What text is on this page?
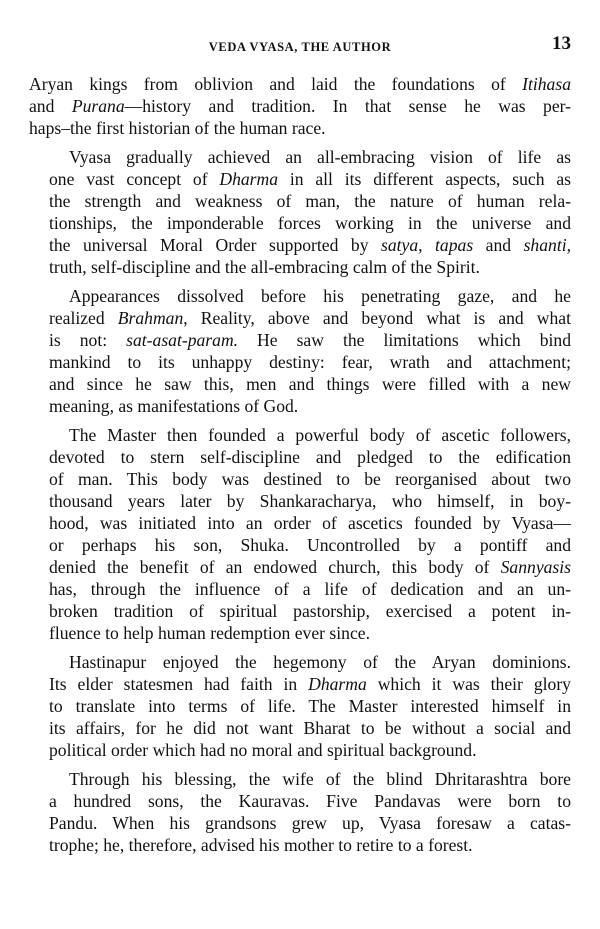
VEDA VYASA, THE AUTHOR	13
Aryan kings from oblivion and laid the foundations of Itihasa
and Purana—history and tradition. In that sense he was per-
haps–the first historian of the human race.
Vyasa gradually achieved an all-embracing vision of life as
one vast concept of Dharma in all its different aspects, such as
the strength and weakness of man, the nature of human rela-
tionships, the imponderable forces working in the universe and
the universal Moral Order supported by satya, tapas and shanti,
truth, self-discipline and the all-embracing calm of the Spirit.
Appearances dissolved before his penetrating gaze, and he
realized Brahman, Reality, above and beyond what is and what
is not: sat-asat-param. He saw the limitations which bind
mankind to its unhappy destiny: fear, wrath and attachment;
and since he saw this, men and things were filled with a new
meaning, as manifestations of God.
The Master then founded a powerful body of ascetic followers,
devoted to stern self-discipline and pledged to the edification
of man. This body was destined to be reorganised about two
thousand years later by Shankaracharya, who himself, in boy-
hood, was initiated into an order of ascetics founded by Vyasa—
or perhaps his son, Shuka. Uncontrolled by a pontiff and
denied the benefit of an endowed church, this body of Sannyasis
has, through the influence of a life of dedication and an un-
broken tradition of spiritual pastorship, exercised a potent in-
fluence to help human redemption ever since.
Hastinapur enjoyed the hegemony of the Aryan dominions.
Its elder statesmen had faith in Dharma which it was their glory
to translate into terms of life. The Master interested himself in
its affairs, for he did not want Bharat to be without a social and
political order which had no moral and spiritual background.
Through his blessing, the wife of the blind Dhritarashtra bore
a hundred sons, the Kauravas. Five Pandavas were born to
Pandu. When his grandsons grew up, Vyasa foresaw a catas-
trophe; he, therefore, advised his mother to retire to a forest.
